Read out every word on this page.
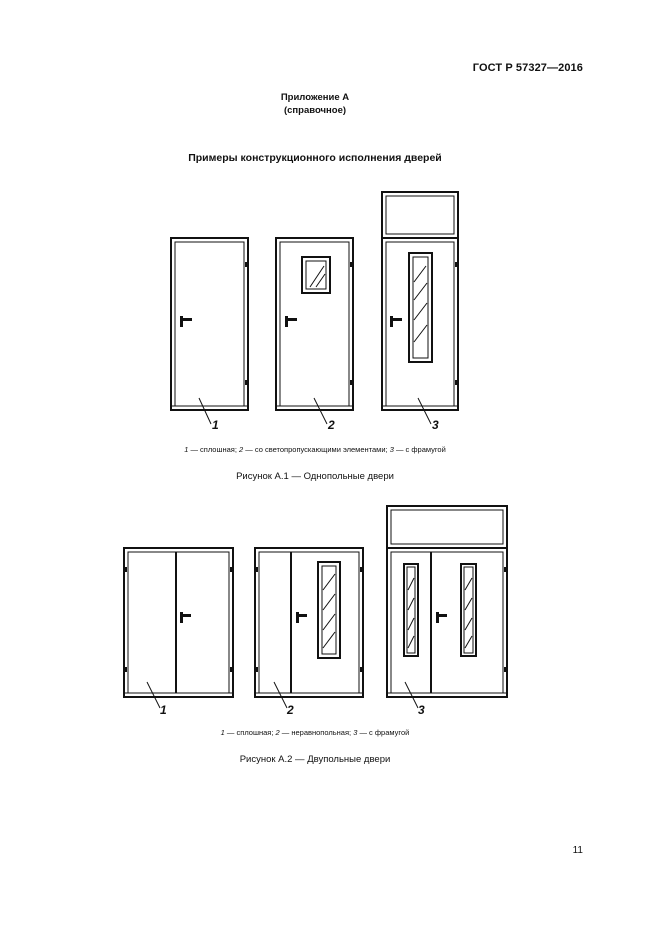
ГОСТ Р 57327—2016
Приложение А
(справочное)
Примеры конструкционного исполнения дверей
1	2	3
1	2	3
1 — сплошная; 2 — со светопропускающими элементами; 3 — с фрамугой
Рисунок А.1 — Однопольные двери
1 — сплошная; 2 — неравнопольная; 3 — с фрамугой
Рисунок А.2 — Двупольные двери
11
